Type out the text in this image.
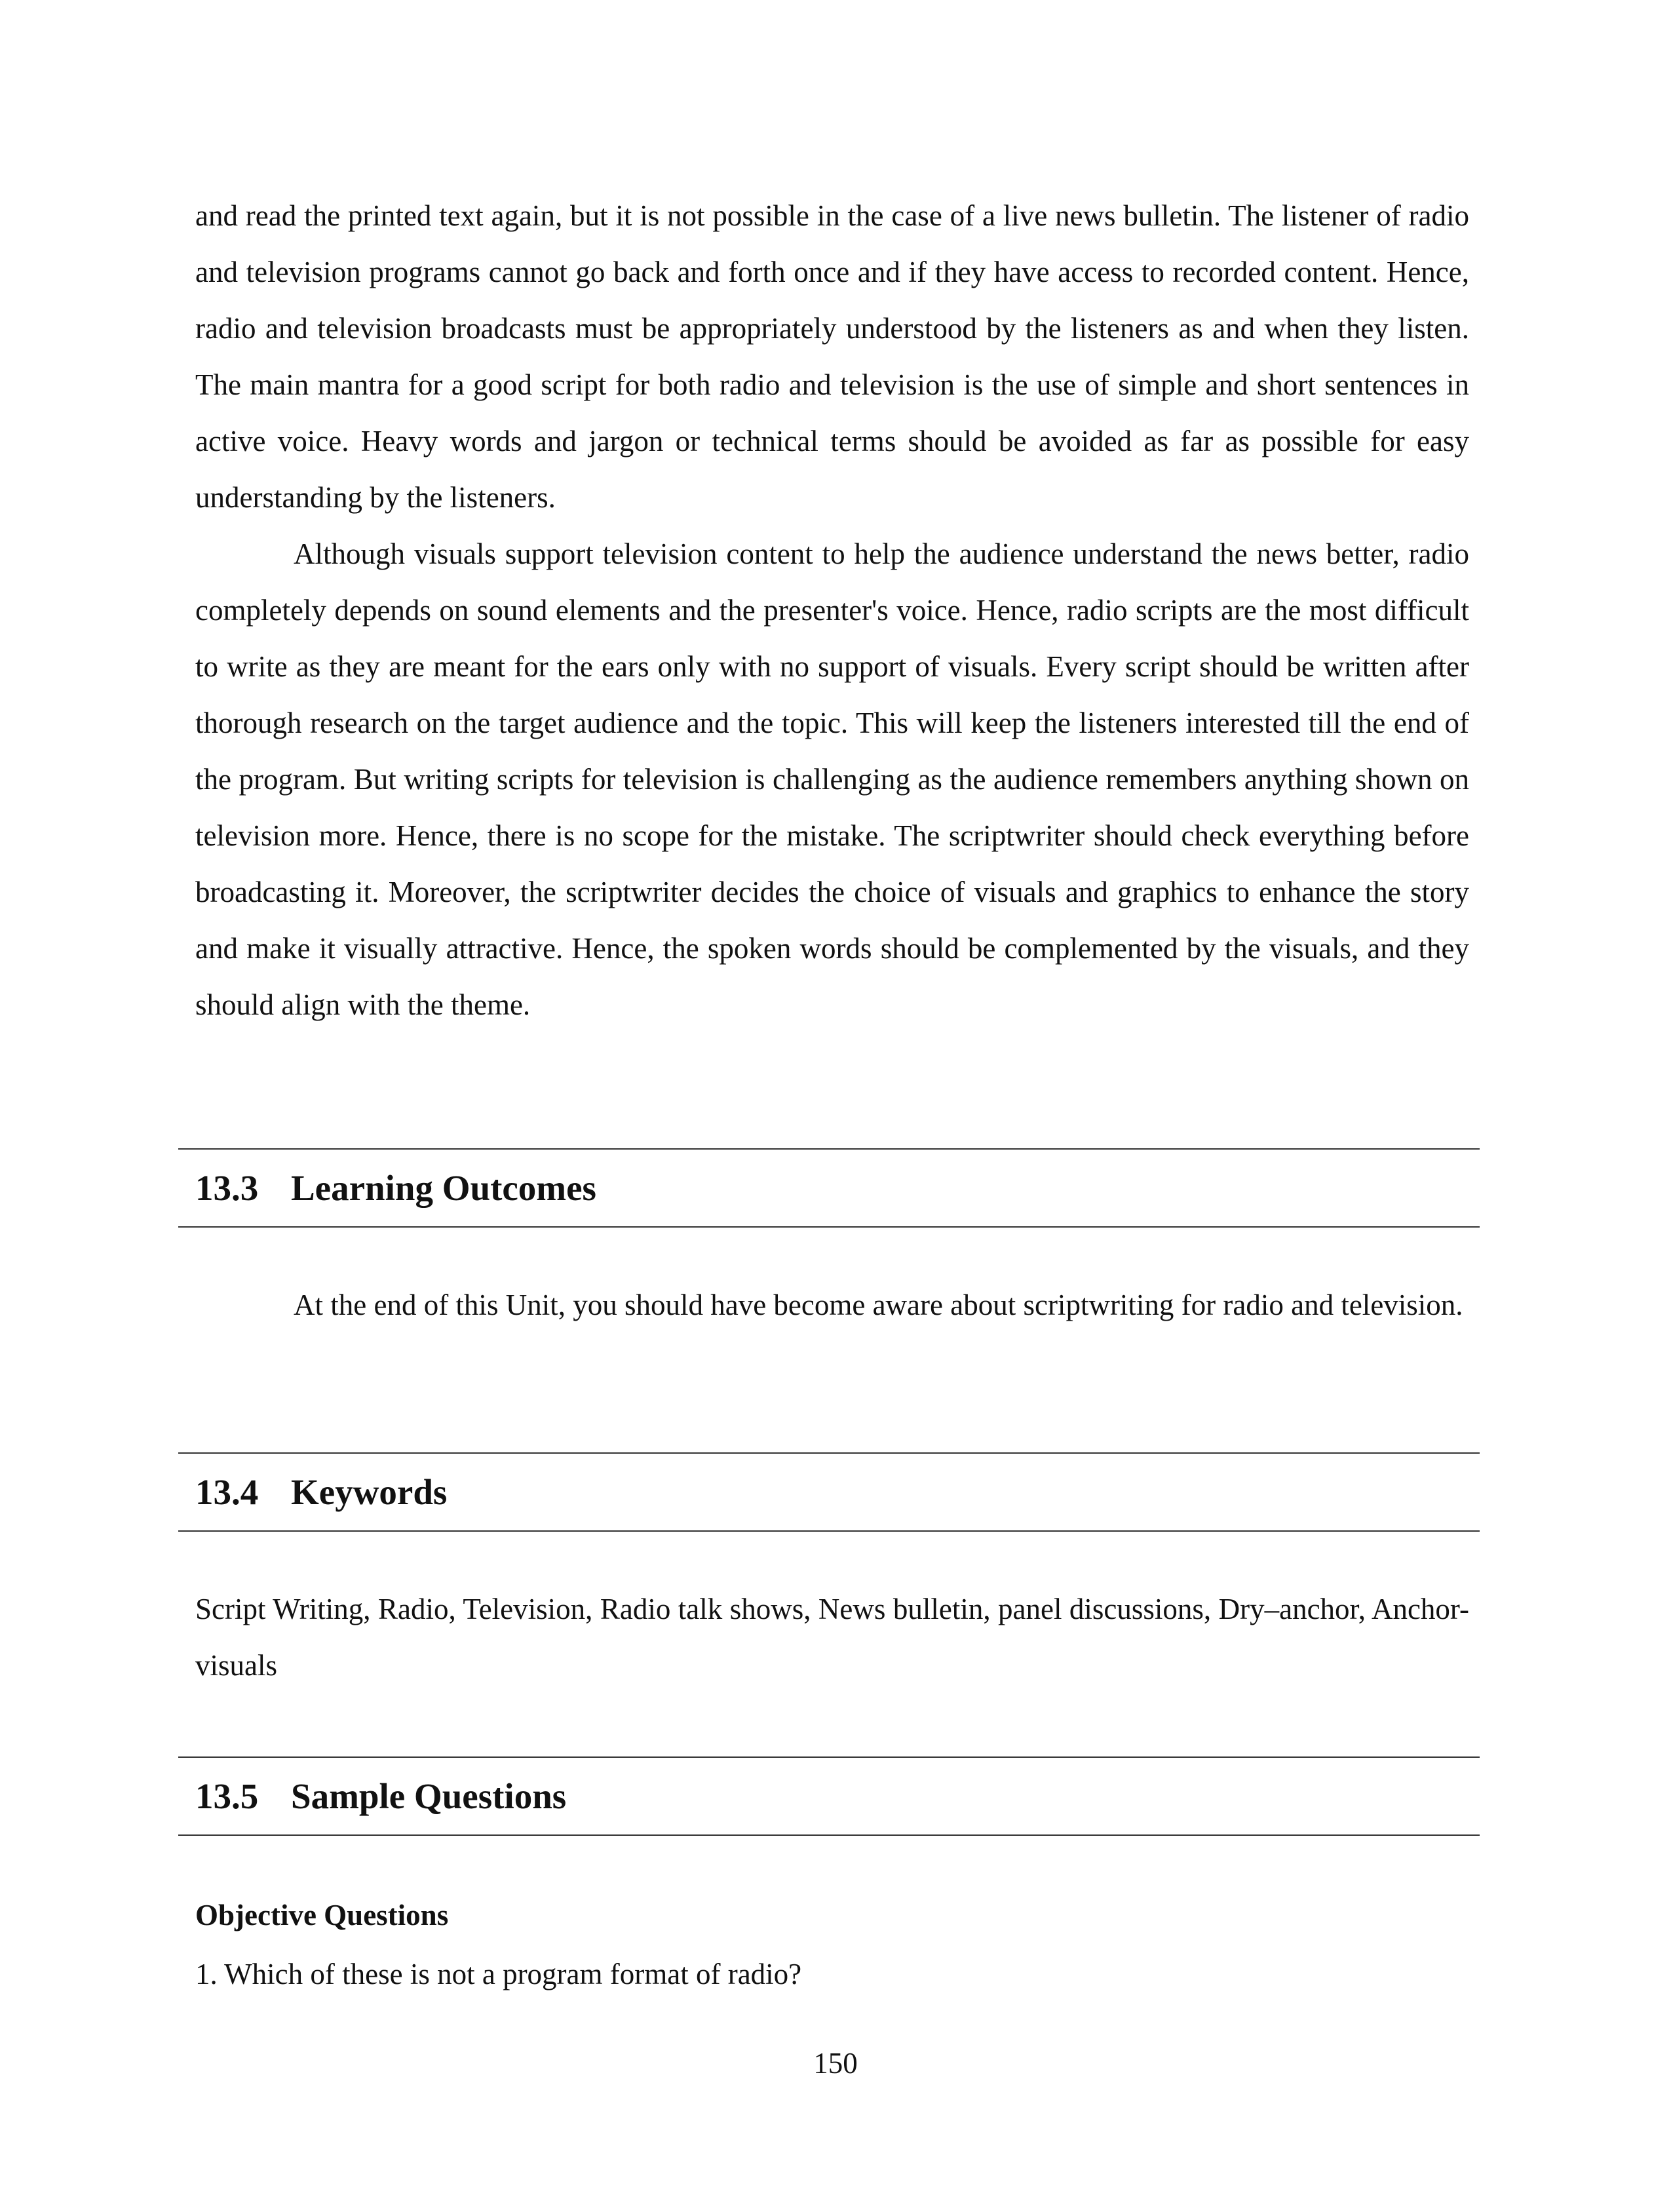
and read the printed text again, but it is not possible in the case of a live news bulletin. The listener of radio and television programs cannot go back and forth once and if they have access to recorded content. Hence, radio and television broadcasts must be appropriately understood by the listeners as and when they listen. The main mantra for a good script for both radio and television is the use of simple and short sentences in active voice. Heavy words and jargon or technical terms should be avoided as far as possible for easy understanding by the listeners.

Although visuals support television content to help the audience understand the news better, radio completely depends on sound elements and the presenter's voice. Hence, radio scripts are the most difficult to write as they are meant for the ears only with no support of visuals. Every script should be written after thorough research on the target audience and the topic. This will keep the listeners interested till the end of the program. But writing scripts for television is challenging as the audience remembers anything shown on television more. Hence, there is no scope for the mistake. The scriptwriter should check everything before broadcasting it. Moreover, the scriptwriter decides the choice of visuals and graphics to enhance the story and make it visually attractive. Hence, the spoken words should be complemented by the visuals, and they should align with the theme.

13.3 Learning Outcomes

At the end of this Unit, you should have become aware about scriptwriting for radio and television.

13.4 Keywords

Script Writing, Radio, Television, Radio talk shows, News bulletin, panel discussions, Dry–anchor, Anchor-visuals

13.5 Sample Questions

Objective Questions

1. Which of these is not a program format of radio?

150
